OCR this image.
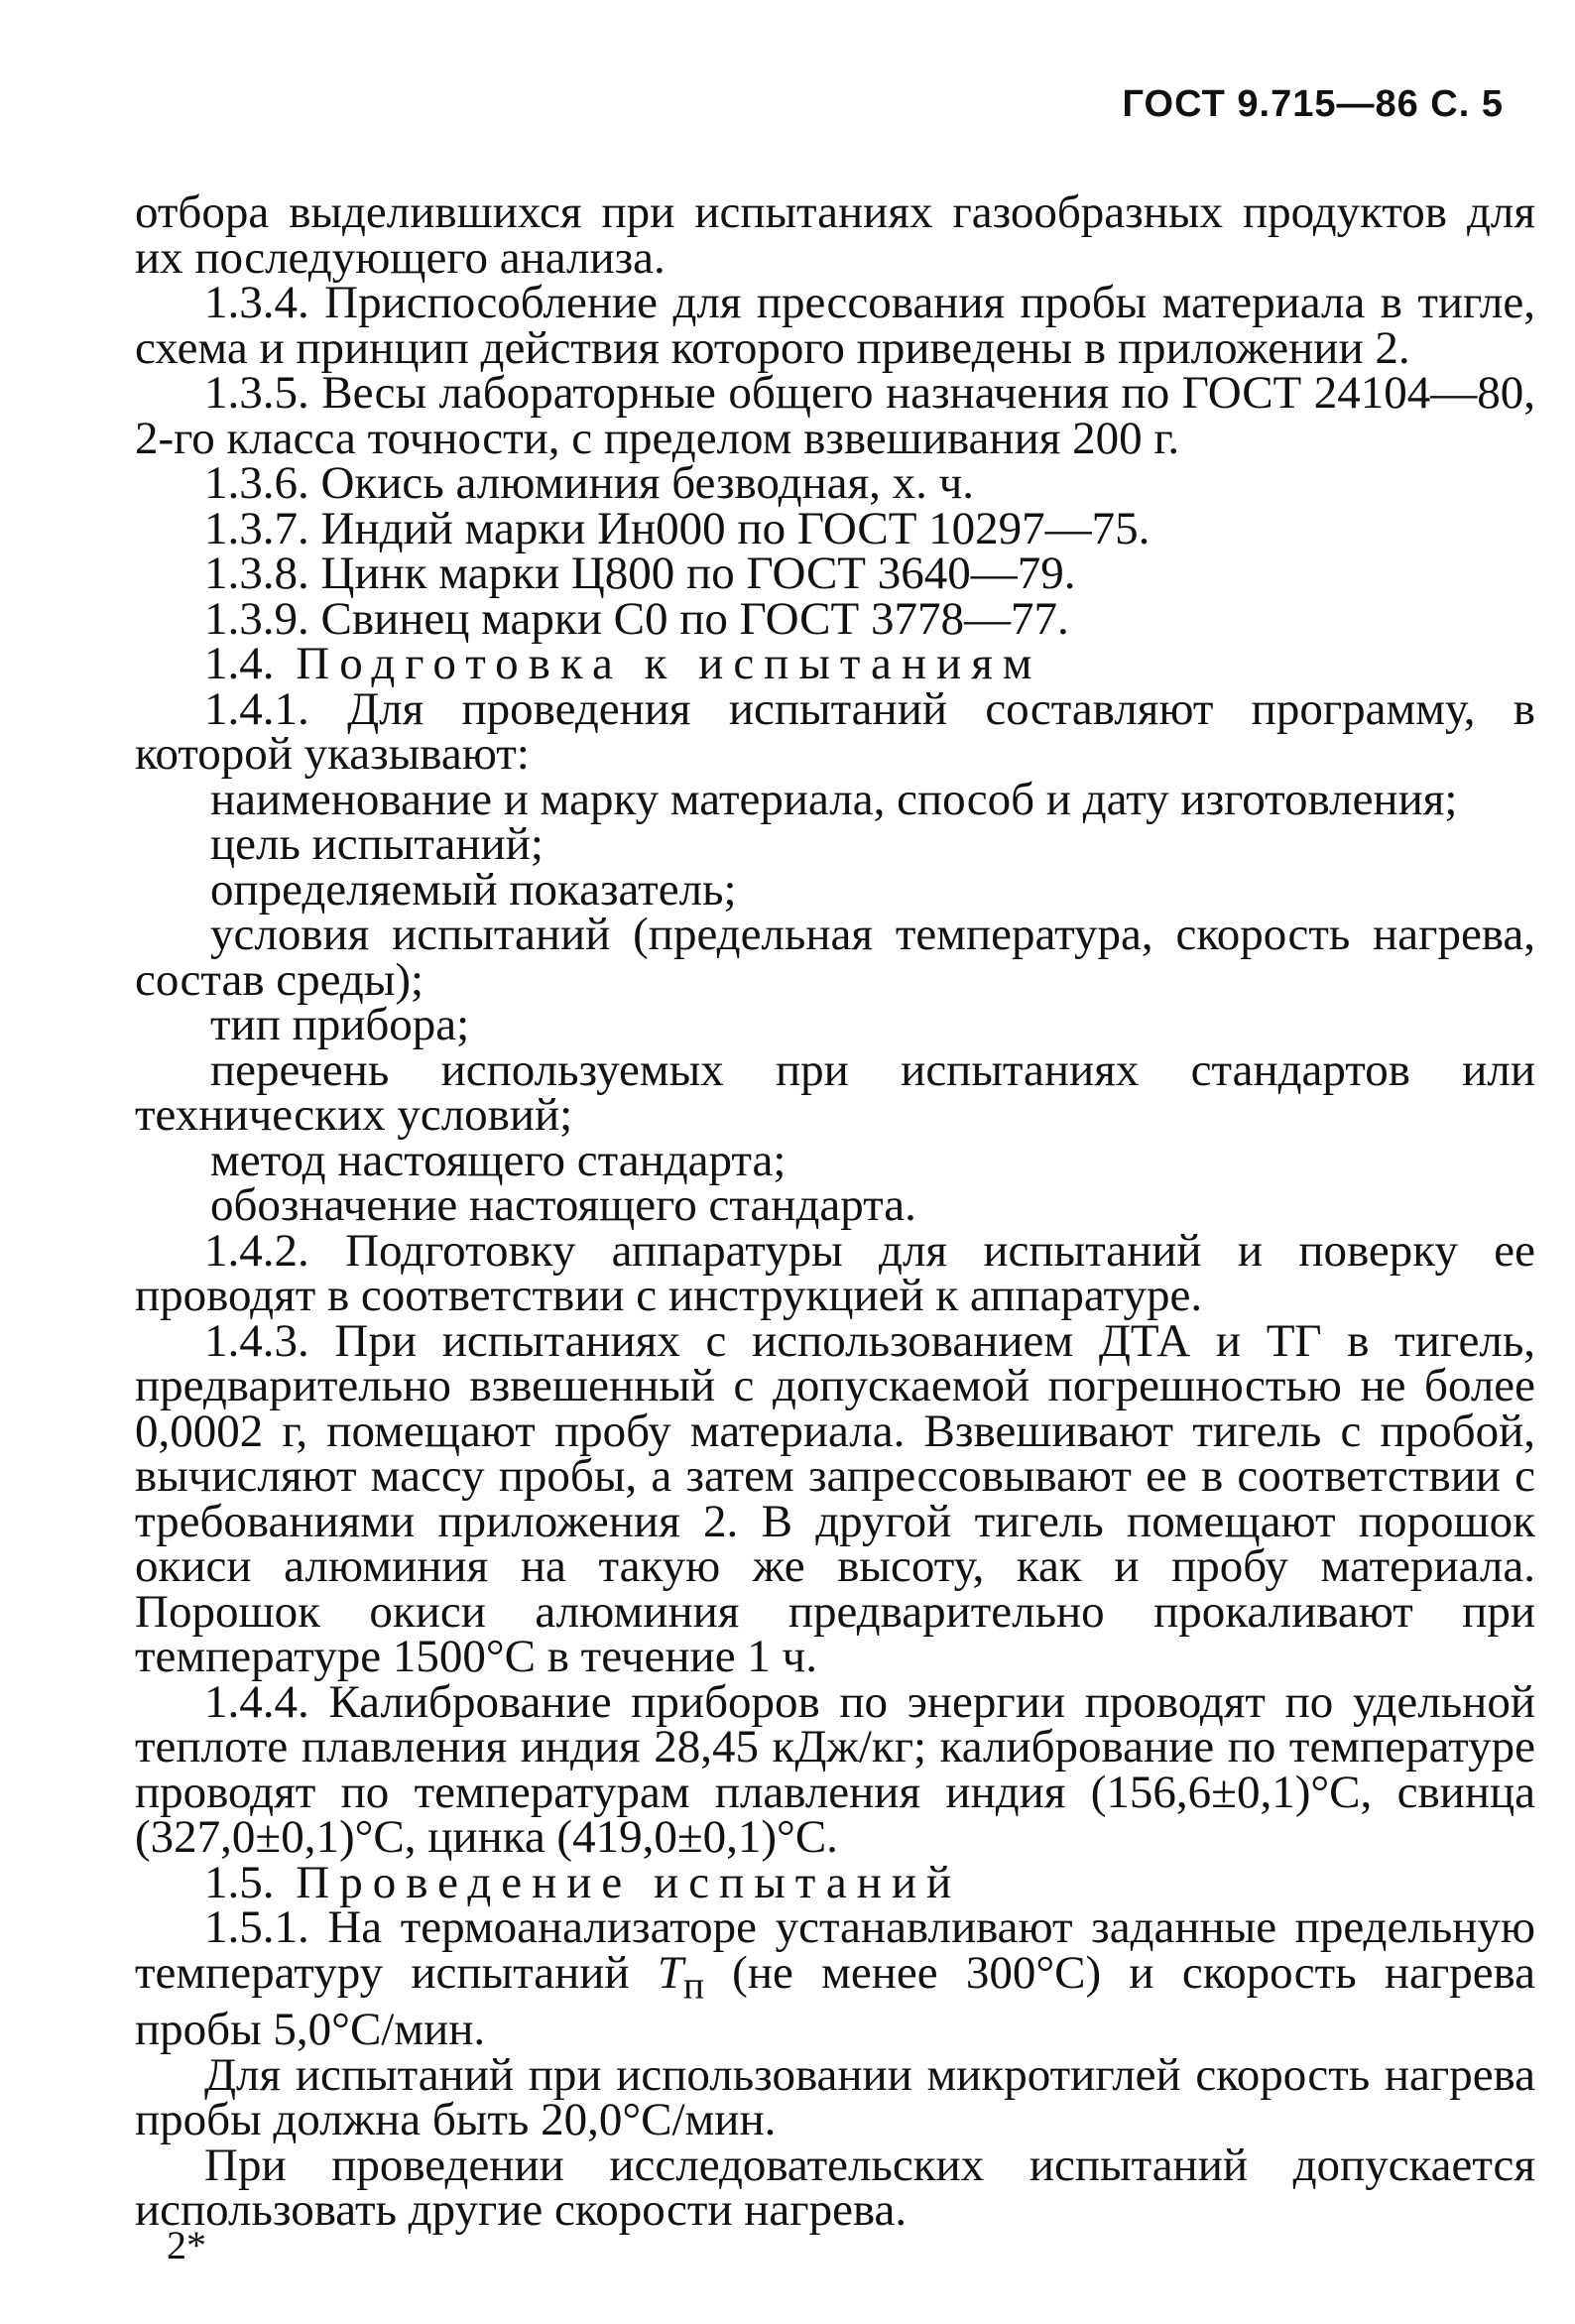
ГОСТ 9.715—86 С. 5

отбора выделившихся при испытаниях газообразных продуктов для их последующего анализа.

1.3.4. Приспособление для прессования пробы материала в тигле, схема и принцип действия которого приведены в приложении 2.

1.3.5. Весы лабораторные общего назначения по ГОСТ 24104—80, 2-го класса точности, с пределом взвешивания 200 г.

1.3.6. Окись алюминия безводная, х. ч.

1.3.7. Индий марки Ин000 по ГОСТ 10297—75.

1.3.8. Цинк марки Ц800 по ГОСТ 3640—79.

1.3.9. Свинец марки С0 по ГОСТ 3778—77.

1.4. Подготовка к испытаниям

1.4.1. Для проведения испытаний составляют программу, в которой указывают:

наименование и марку материала, способ и дату изготовления;

цель испытаний;

определяемый показатель;

условия испытаний (предельная температура, скорость нагрева, состав среды);

тип прибора;

перечень используемых при испытаниях стандартов или технических условий;

метод настоящего стандарта;

обозначение настоящего стандарта.

1.4.2. Подготовку аппаратуры для испытаний и поверку ее проводят в соответствии с инструкцией к аппаратуре.

1.4.3. При испытаниях с использованием ДТА и ТГ в тигель, предварительно взвешенный с допускаемой погрешностью не более 0,0002 г, помещают пробу материала. Взвешивают тигель с пробой, вычисляют массу пробы, а затем запрессовывают ее в соответствии с требованиями приложения 2. В другой тигель помещают порошок окиси алюминия на такую же высоту, как и пробу материала. Порошок окиси алюминия предварительно прокаливают при температуре 1500°С в течение 1 ч.

1.4.4. Калибрование приборов по энергии проводят по удельной теплоте плавления индия 28,45 кДж/кг; калибрование по температуре проводят по температурам плавления индия (156,6±0,1)°С, свинца (327,0±0,1)°С, цинка (419,0±0,1)°С.

1.5. Проведение испытаний

1.5.1. На термоанализаторе устанавливают заданные предельную температуру испытаний $T_п$ (не менее 300°С) и скорость нагрева пробы 5,0°С/мин.

Для испытаний при использовании микротиглей скорость нагрева пробы должна быть 20,0°С/мин.

При проведении исследовательских испытаний допускается использовать другие скорости нагрева.

2*
